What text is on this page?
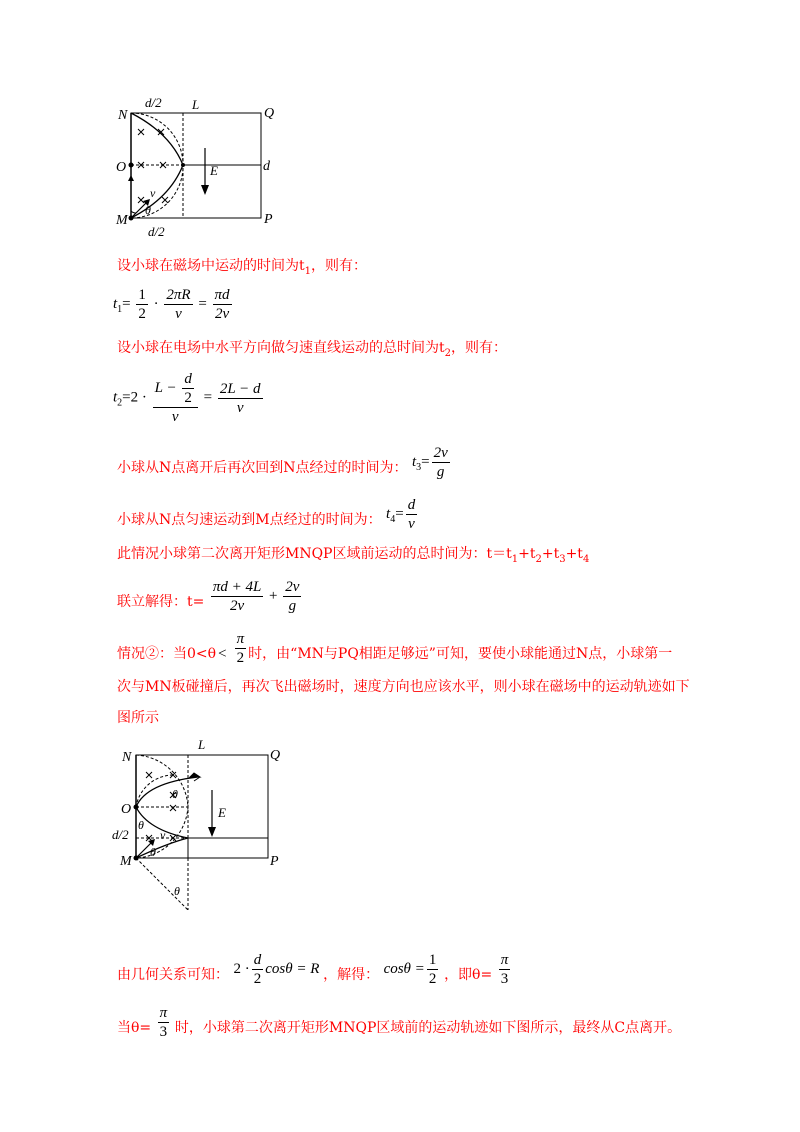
N
M
O
Q
P
L
d
E
v
θ
d/2
d/2
设小球在磁场中运动的时间为$t_1$，则有：
$t_1= \frac{1}{2} \cdot \frac{2\pi R}{v} = \frac{\pi d}{2v}$
设小球在电场中水平方向做匀速直线运动的总时间为$t_2$，则有：
$t_2=2 \cdot \frac{L - \frac{d}{2}}{v} = \frac{2L - d}{v}$
小球从N点离开后再次回到N点经过的时间为： $t_3= \frac{2v}{g}$
小球从N点匀速运动到M点经过的时间为： $t_4= \frac{d}{v}$
此情况小球第二次离开矩形MNQP区域前运动的总时间为：$t=t_1+t_2+t_3+t_4$
联立解得：$t= \frac{\pi d + 4L}{2v} + \frac{2v}{g}$
情况②：当$0<\theta< \frac{\pi}{2}$ 时，由“MN与PQ相距足够远”可知，要使小球能通过N点，小球第一
次与MN板碰撞后，再次飞出磁场时，速度方向也应该水平，则小球在磁场中的运动轨迹如下
图所示
N
M
O
Q
P
L
E
v
θ
θ
θ
θ
d/2
由几何关系可知： $2 \cdot \frac{d}{2}$ cosθ = R ，解得： $\cos\theta = \frac{1}{2}$ ，即$\theta= \frac{\pi}{3}$
当$\theta= \frac{\pi}{3}$ 时，小球第二次离开矩形MNQP区域前的运动轨迹如下图所示，最终从C点离开。
